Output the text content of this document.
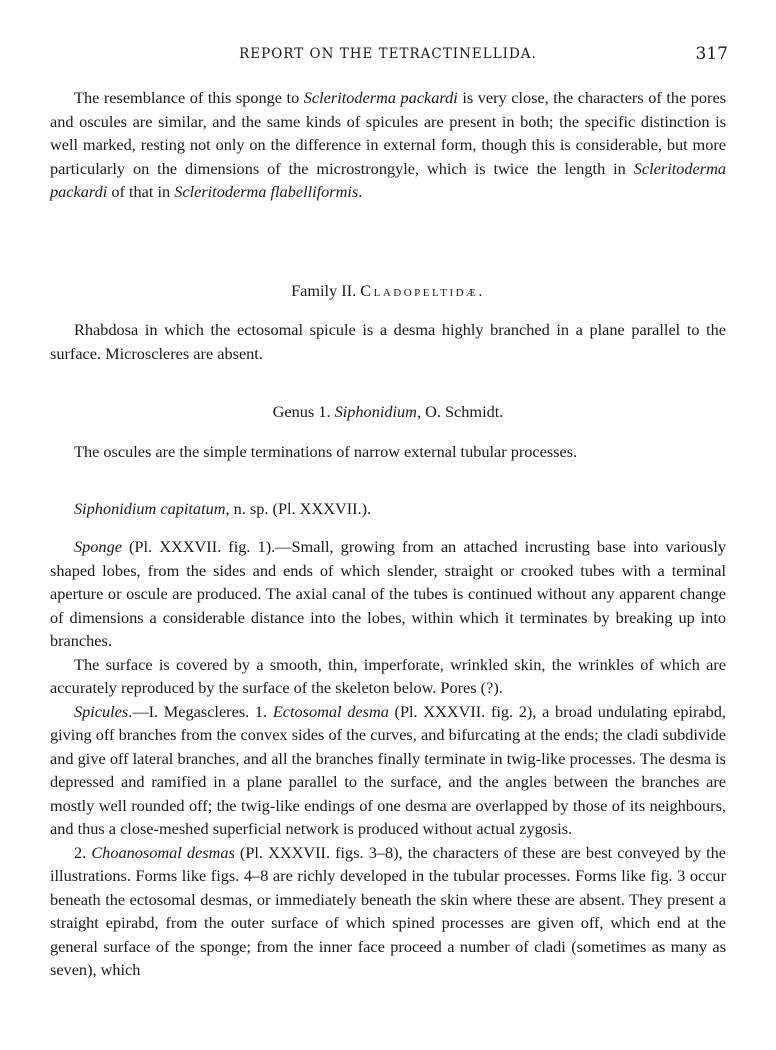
REPORT ON THE TETRACTINELLIDA.	317

The resemblance of this sponge to Scleritoderma packardi is very close, the characters of the pores and oscules are similar, and the same kinds of spicules are present in both; the specific distinction is well marked, resting not only on the difference in external form, though this is considerable, but more particularly on the dimensions of the microstrongyle, which is twice the length in Scleritoderma packardi of that in Scleritoderma flabelliformis.

Family II. Cladopeltidæ.

Rhabdosa in which the ectosomal spicule is a desma highly branched in a plane parallel to the surface. Microscleres are absent.

Genus 1. Siphonidium, O. Schmidt.

The oscules are the simple terminations of narrow external tubular processes.

Siphonidium capitatum, n. sp. (Pl. XXXVII.).

Sponge (Pl. XXXVII. fig. 1).—Small, growing from an attached incrusting base into variously shaped lobes, from the sides and ends of which slender, straight or crooked tubes with a terminal aperture or oscule are produced. The axial canal of the tubes is continued without any apparent change of dimensions a considerable distance into the lobes, within which it terminates by breaking up into branches.

The surface is covered by a smooth, thin, imperforate, wrinkled skin, the wrinkles of which are accurately reproduced by the surface of the skeleton below. Pores (?).

Spicules.—I. Megascleres. 1. Ectosomal desma (Pl. XXXVII. fig. 2), a broad undulating epirabd, giving off branches from the convex sides of the curves, and bifurcating at the ends; the cladi subdivide and give off lateral branches, and all the branches finally terminate in twig-like processes. The desma is depressed and ramified in a plane parallel to the surface, and the angles between the branches are mostly well rounded off; the twig-like endings of one desma are overlapped by those of its neighbours, and thus a close-meshed superficial network is produced without actual zygosis.

2. Choanosomal desmas (Pl. XXXVII. figs. 3–8), the characters of these are best conveyed by the illustrations. Forms like figs. 4–8 are richly developed in the tubular processes. Forms like fig. 3 occur beneath the ectosomal desmas, or immediately beneath the skin where these are absent. They present a straight epirabd, from the outer surface of which spined processes are given off, which end at the general surface of the sponge; from the inner face proceed a number of cladi (sometimes as many as seven), which
